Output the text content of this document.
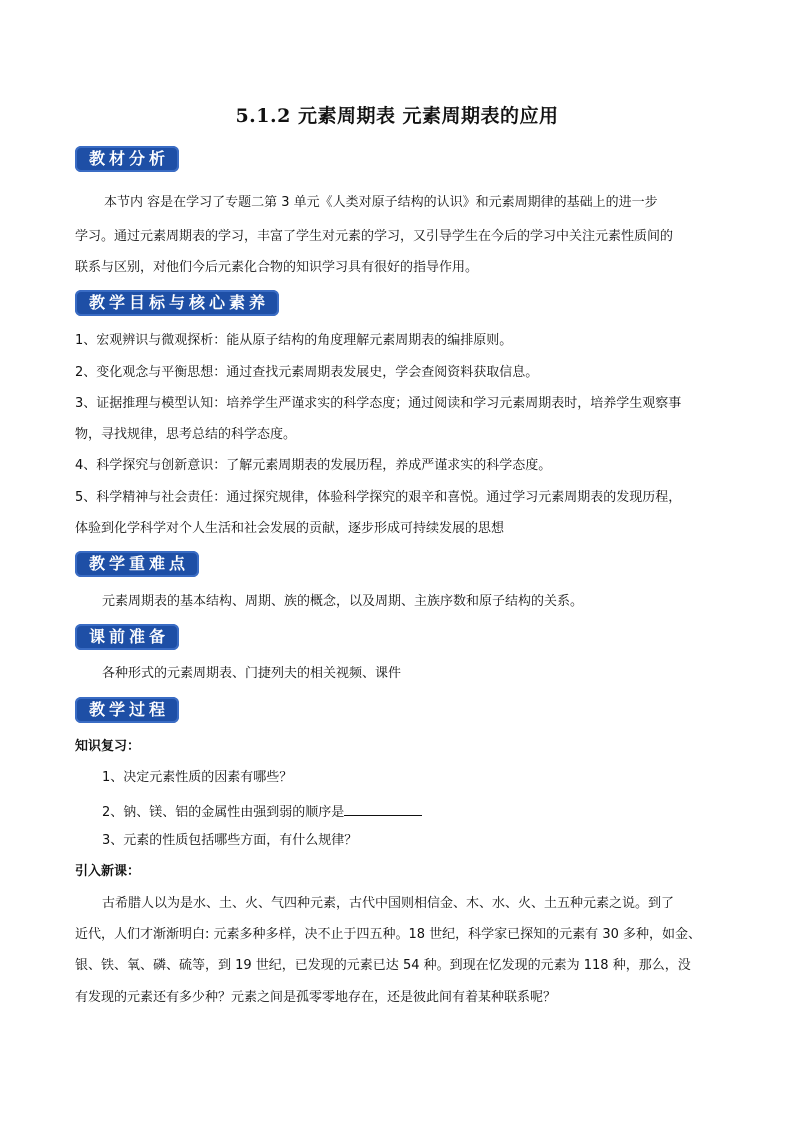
5.1.2 元素周期表 元素周期表的应用
教材分析
本节内 容是在学习了专题二第 3 单元《人类对原子结构的认识》和元素周期律的基础上的进一步
学习。通过元素周期表的学习，丰富了学生对元素的学习，又引导学生在今后的学习中关注元素性质间的
联系与区别，对他们今后元素化合物的知识学习具有很好的指导作用。
教学目标与核心素养
1、宏观辨识与微观探析：能从原子结构的角度理解元素周期表的编排原则。
2、变化观念与平衡思想：通过查找元素周期表发展史，学会查阅资料获取信息。
3、证据推理与模型认知：培养学生严谨求实的科学态度；通过阅读和学习元素周期表时，培养学生观察事
物，寻找规律，思考总结的科学态度。
4、科学探究与创新意识：了解元素周期表的发展历程，养成严谨求实的科学态度。
5、科学精神与社会责任：通过探究规律，体验科学探究的艰辛和喜悦。通过学习元素周期表的发现历程，
体验到化学科学对个人生活和社会发展的贡献，逐步形成可持续发展的思想
教学重难点
元素周期表的基本结构、周期、族的概念，以及周期、主族序数和原子结构的关系。
课前准备
各种形式的元素周期表、门捷列夫的相关视频、课件
教学过程
知识复习：
1、决定元素性质的因素有哪些？
2、钠、镁、铝的金属性由强到弱的顺序是
3、元素的性质包括哪些方面，有什么规律？
引入新课：
古希腊人以为是水、土、火、气四种元素，古代中国则相信金、木、水、火、土五种元素之说。到了
近代，人们才渐渐明白: 元素多种多样，决不止于四五种。18 世纪，科学家已探知的元素有 30 多种，如金、
银、铁、氧、磷、硫等，到 19 世纪，已发现的元素已达 54 种。到现在忆发现的元素为 118 种，那么，没
有发现的元素还有多少种？元素之间是孤零零地存在，还是彼此间有着某种联系呢？
